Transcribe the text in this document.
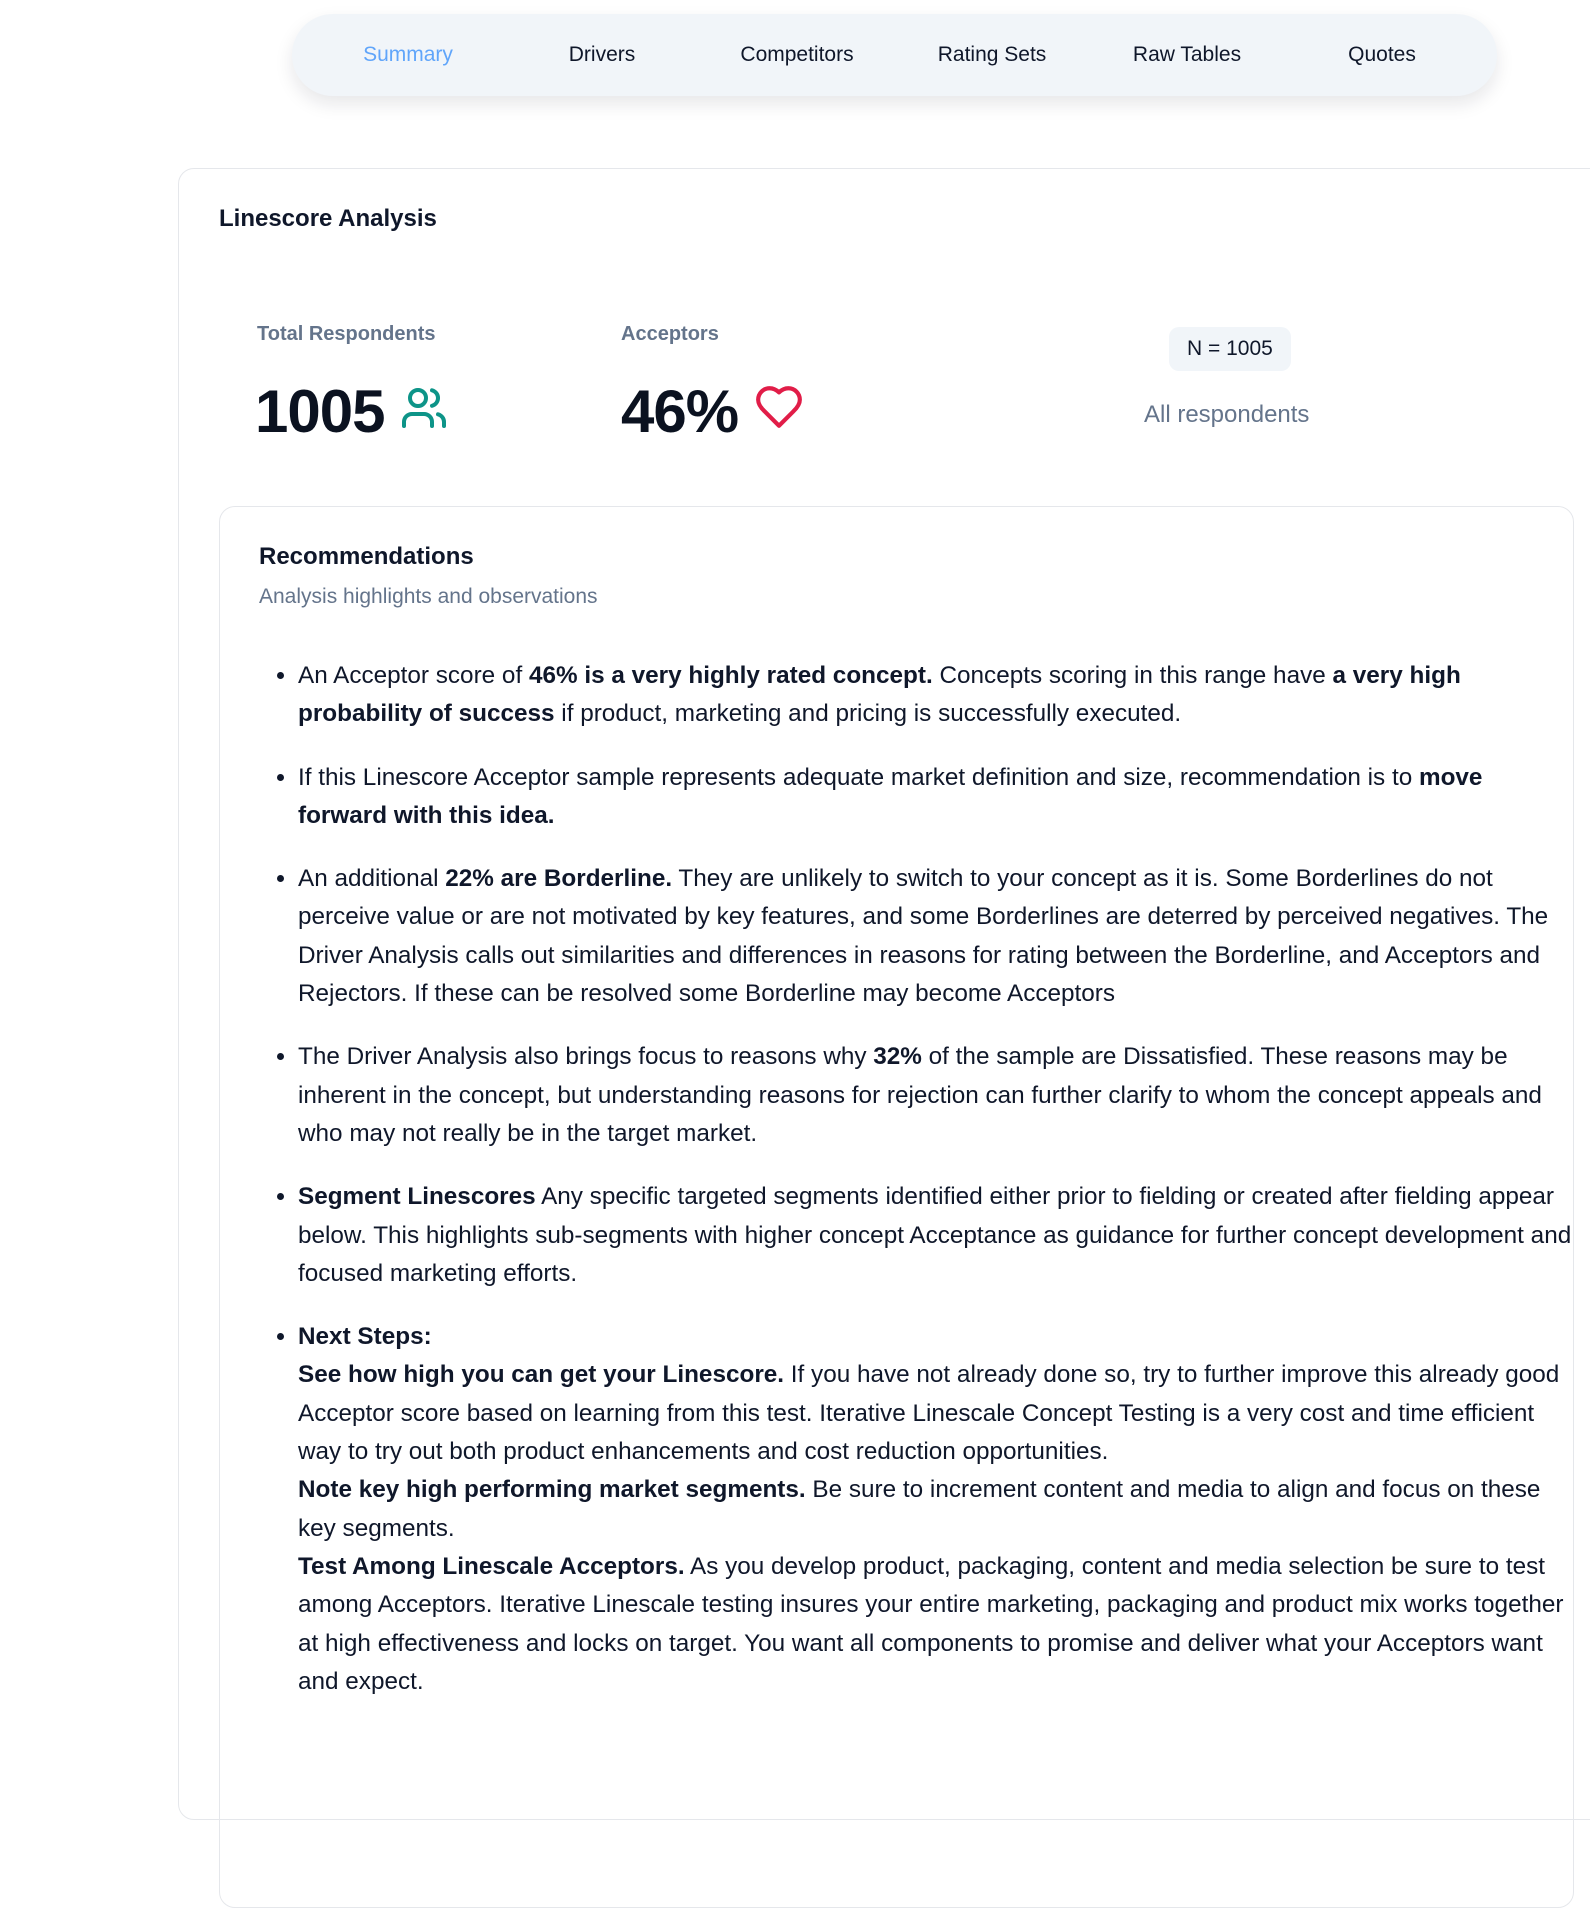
Summary	Drivers	Competitors	Rating Sets	Raw Tables	Quotes
Linescore Analysis
Total Respondents
1005
Acceptors
46%
N = 1005
All respondents
Recommendations
Analysis highlights and observations
• An Acceptor score of 46% is a very highly rated concept. Concepts scoring in this range have a very high probability of success if product, marketing and pricing is successfully executed.
• If this Linescore Acceptor sample represents adequate market definition and size, recommendation is to move forward with this idea.
• An additional 22% are Borderline. They are unlikely to switch to your concept as it is. Some Borderlines do not perceive value or are not motivated by key features, and some Borderlines are deterred by perceived negatives. The Driver Analysis calls out similarities and differences in reasons for rating between the Borderline, and Acceptors and Rejectors. If these can be resolved some Borderline may become Acceptors
• The Driver Analysis also brings focus to reasons why 32% of the sample are Dissatisfied. These reasons may be inherent in the concept, but understanding reasons for rejection can further clarify to whom the concept appeals and who may not really be in the target market.
• Segment Linescores Any specific targeted segments identified either prior to fielding or created after fielding appear below. This highlights sub-segments with higher concept Acceptance as guidance for further concept development and focused marketing efforts.
• Next Steps:
See how high you can get your Linescore. If you have not already done so, try to further improve this already good Acceptor score based on learning from this test. Iterative Linescale Concept Testing is a very cost and time efficient way to try out both product enhancements and cost reduction opportunities.
Note key high performing market segments. Be sure to increment content and media to align and focus on these key segments.
Test Among Linescale Acceptors. As you develop product, packaging, content and media selection be sure to test among Acceptors. Iterative Linescale testing insures your entire marketing, packaging and product mix works together at high effectiveness and locks on target. You want all components to promise and deliver what your Acceptors want and expect.
